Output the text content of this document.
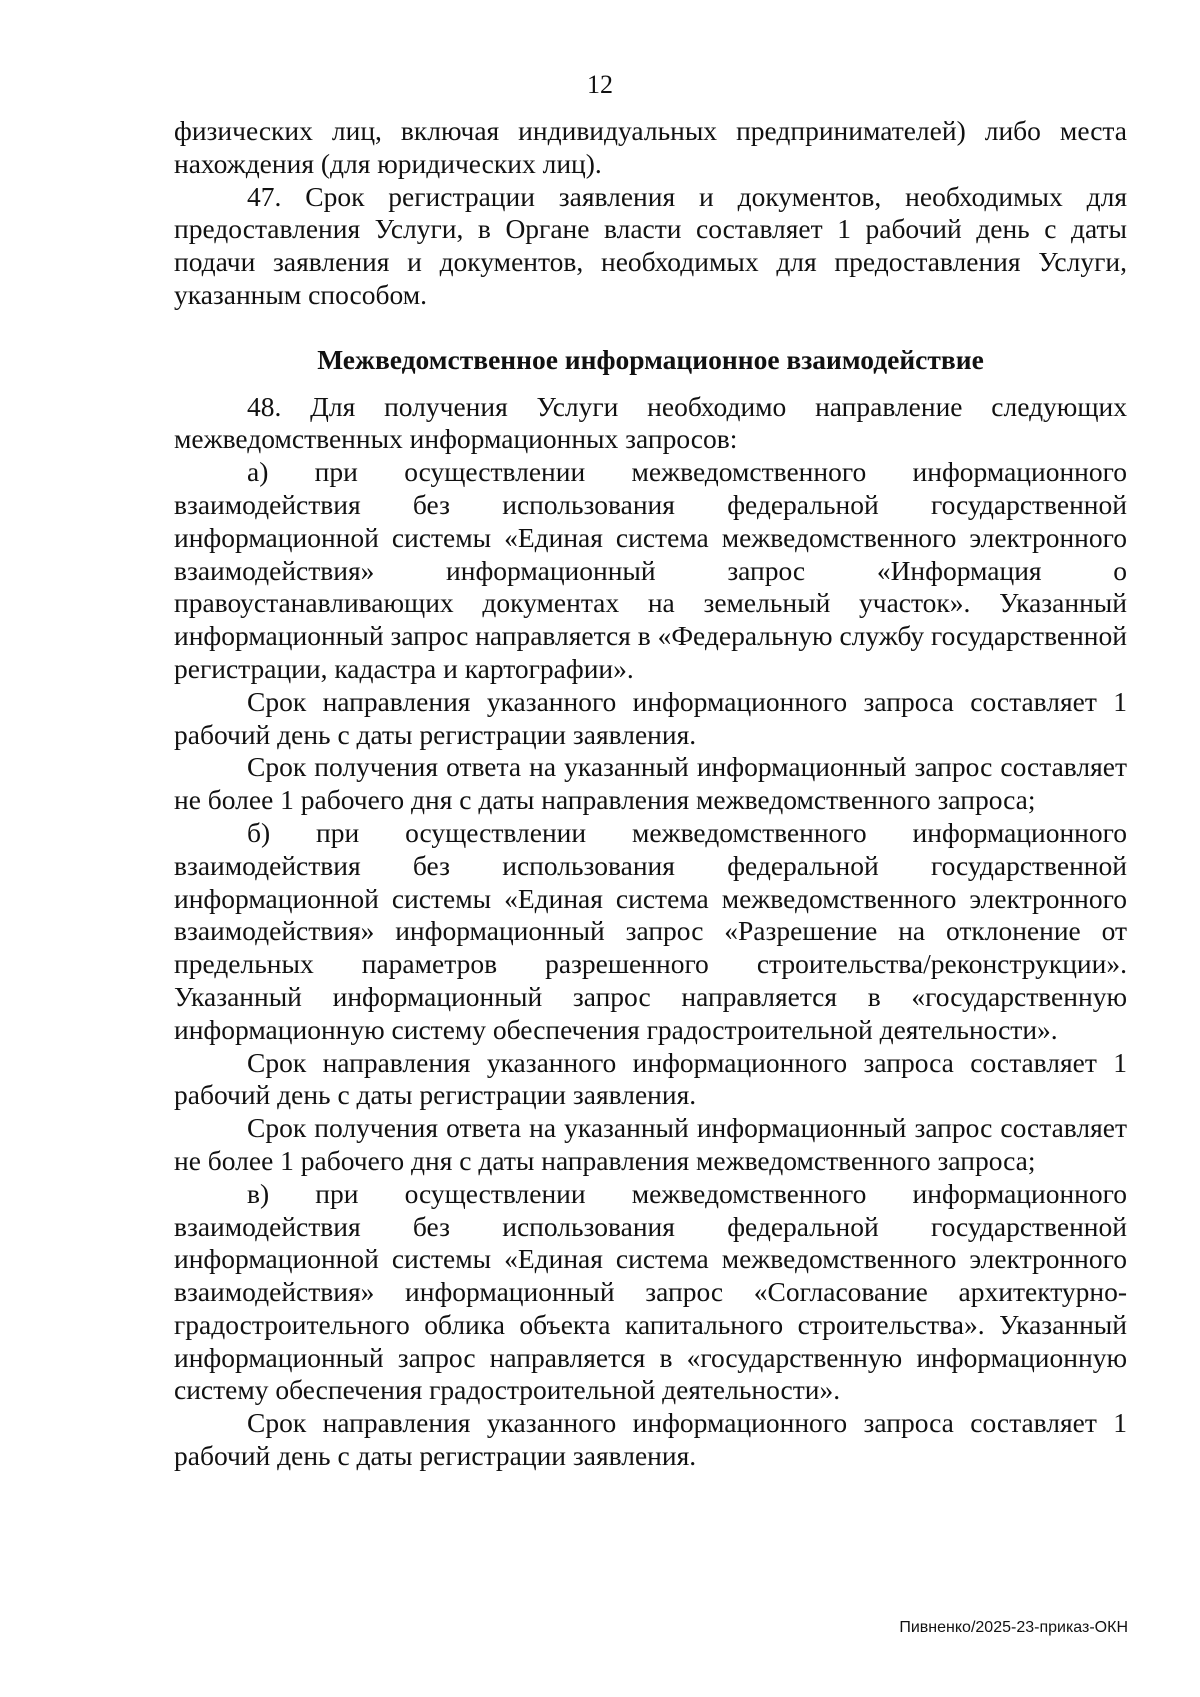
12

физических лиц, включая индивидуальных предпринимателей) либо места нахождения (для юридических лиц).

47. Срок регистрации заявления и документов, необходимых для предоставления Услуги, в Органе власти составляет 1 рабочий день с даты подачи заявления и документов, необходимых для предоставления Услуги, указанным способом.

Межведомственное информационное взаимодействие

48. Для получения Услуги необходимо направление следующих межведомственных информационных запросов:

а) при осуществлении межведомственного информационного взаимодействия без использования федеральной государственной информационной системы «Единая система межведомственного электронного взаимодействия» информационный запрос «Информация о правоустанавливающих документах на земельный участок». Указанный информационный запрос направляется в «Федеральную службу государственной регистрации, кадастра и картографии».

Срок направления указанного информационного запроса составляет 1 рабочий день с даты регистрации заявления.

Срок получения ответа на указанный информационный запрос составляет не более 1 рабочего дня с даты направления межведомственного запроса;

б) при осуществлении межведомственного информационного взаимодействия без использования федеральной государственной информационной системы «Единая система межведомственного электронного взаимодействия» информационный запрос «Разрешение на отклонение от предельных параметров разрешенного строительства/реконструкции». Указанный информационный запрос направляется в «государственную информационную систему обеспечения градостроительной деятельности».

Срок направления указанного информационного запроса составляет 1 рабочий день с даты регистрации заявления.

Срок получения ответа на указанный информационный запрос составляет не более 1 рабочего дня с даты направления межведомственного запроса;

в) при осуществлении межведомственного информационного взаимодействия без использования федеральной государственной информационной системы «Единая система межведомственного электронного взаимодействия» информационный запрос «Согласование архитектурно-градостроительного облика объекта капитального строительства». Указанный информационный запрос направляется в «государственную информационную систему обеспечения градостроительной деятельности».

Срок направления указанного информационного запроса составляет 1 рабочий день с даты регистрации заявления.

Пивненко/2025-23-приказ-ОКН
